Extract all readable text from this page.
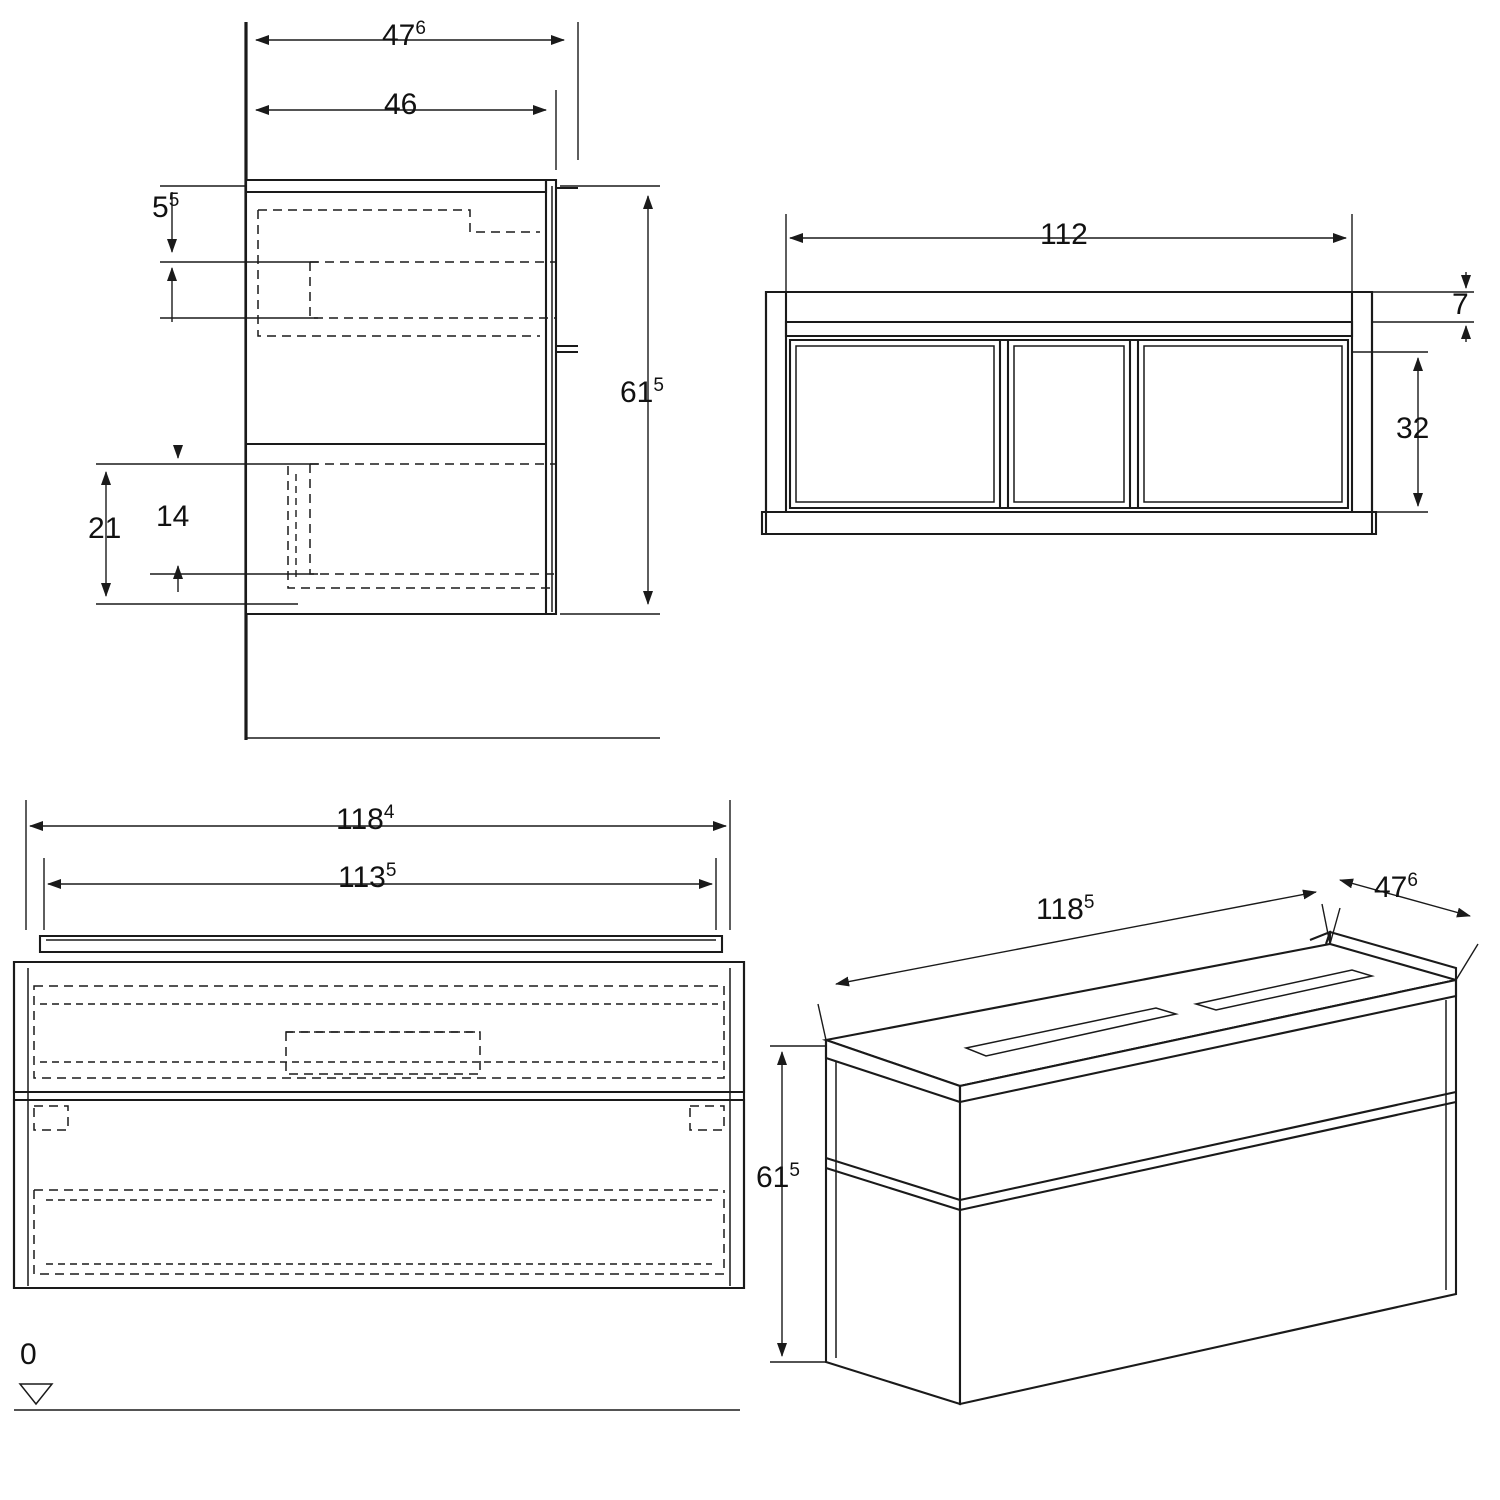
$47^6$
46
$61^5$
$5^5$
14
21
112
7
32
$118^4$
$113^5$
0
$118^5$	$47^6$
$61^5$
